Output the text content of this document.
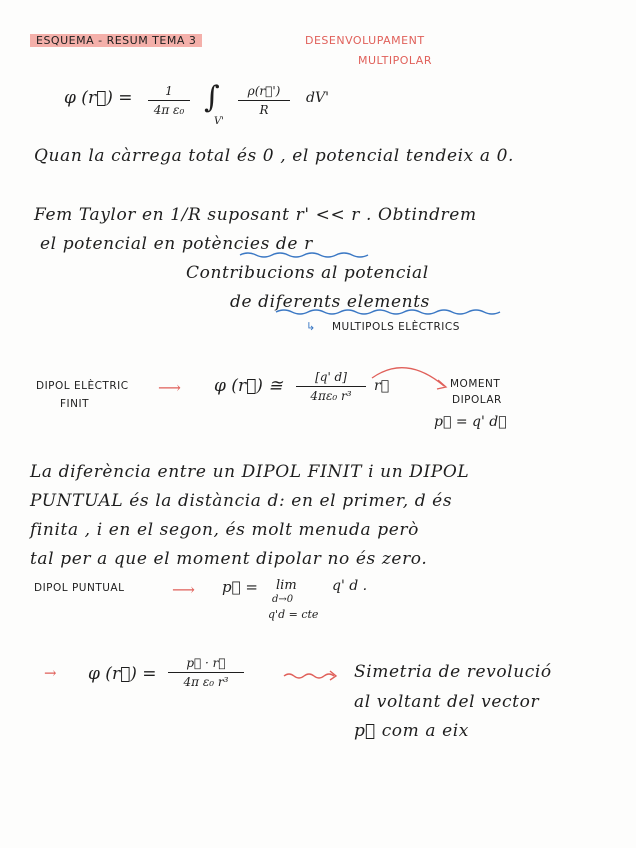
ESQUEMA - RESUM TEMA 3	DESENVOLUPAMENT
MULTIPOLAR
φ (r⃗) =	1
4π ε₀ ∫
V'
ρ(r⃗')
R
dV'
Quan la càrrega total és 0 , el potencial tendeix a 0.
Fem Taylor en 1/R suposant r' << r . Obtindrem
el potencial en potències de r
Contribucions al potencial
de diferents elements
↳ MULTIPOLS ELÈCTRICS
DIPOL ELÈCTRIC
FINIT
⟶ φ (r⃗) ≅	[q' d]
4πε₀ r³
r⃗	MOMENT
DIPOLAR
p⃗ = q' d⃗
La diferència entre un DIPOL FINIT i un DIPOL
PUNTUAL és la distància d: en el primer, d és
finita , i en el segon, és molt menuda però
tal per a que el moment dipolar no és zero.
DIPOL PUNTUAL	⟶ p⃗ = lim
d→0
q' d .
q'd = cte
→ φ (r⃗) =
p⃗ · r⃗
4π ε₀ r³	Simetria de revolució
al voltant del vector
p⃗ com a eix
